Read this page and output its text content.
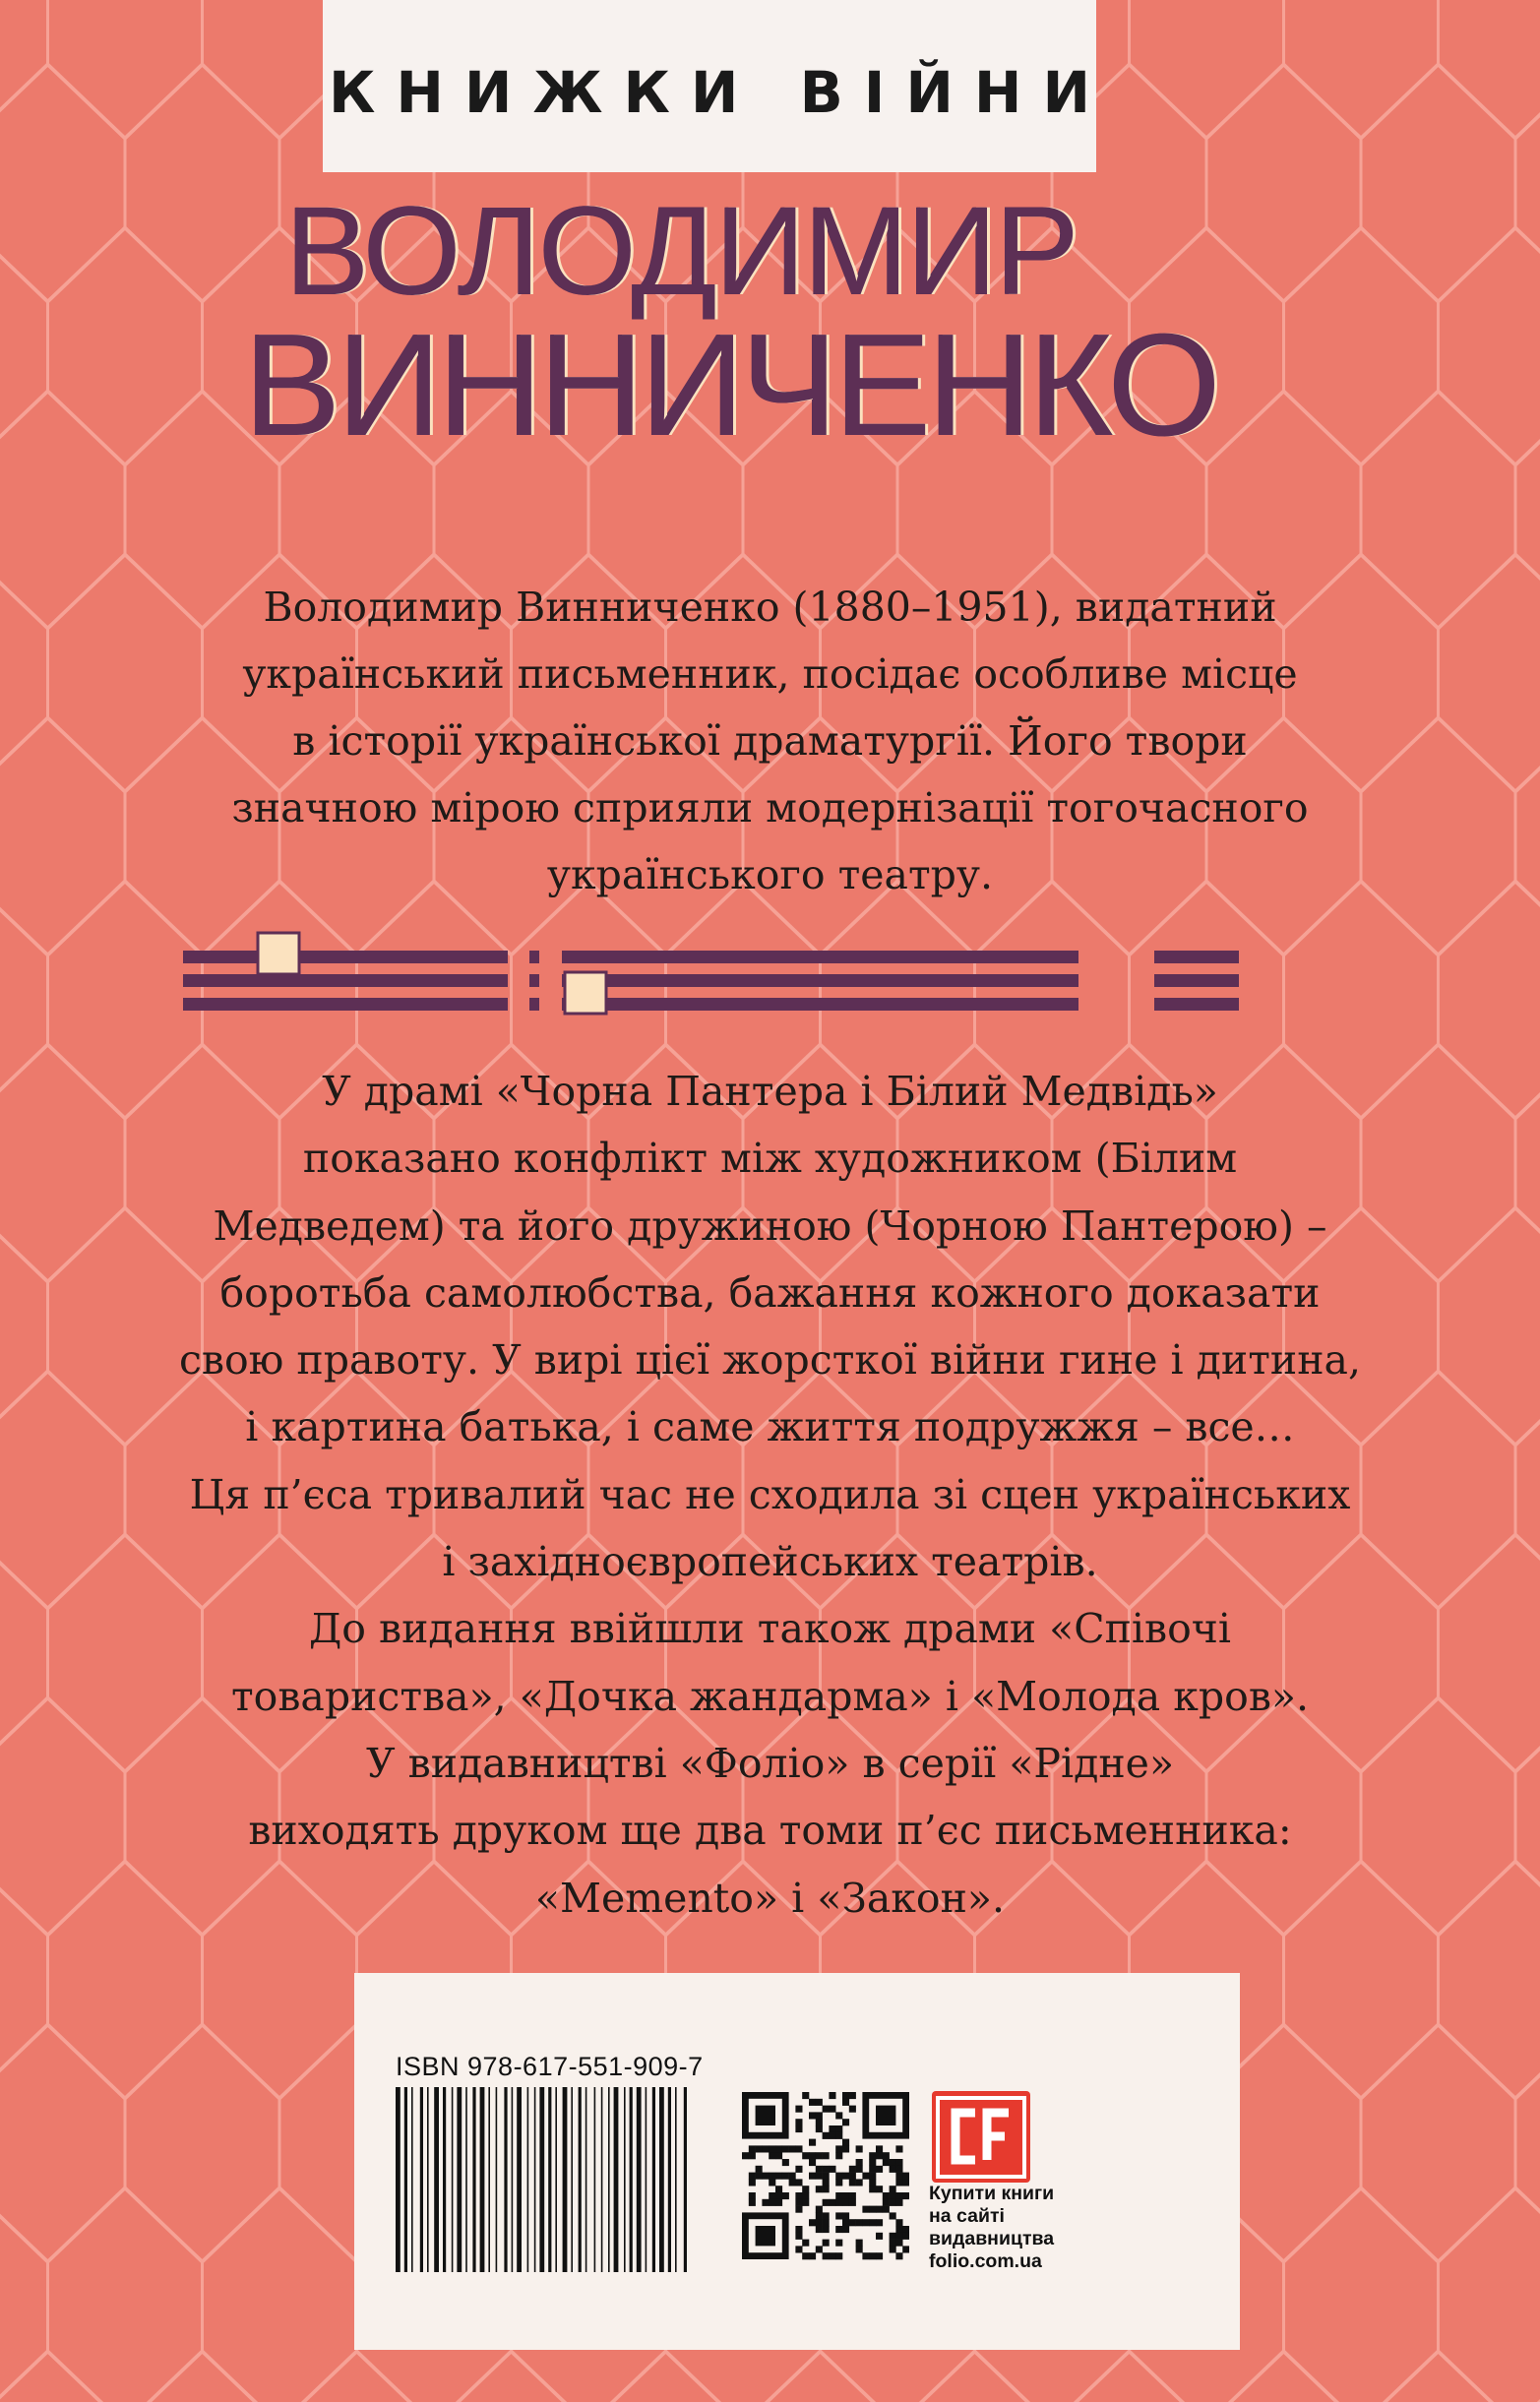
КНИЖКИ ВІЙНИ
ВОЛОДИМИР
ВИННИЧЕНКО

Володимир Винниченко (1880–1951), видатний

український письменник, посідає особливе місце

в історії української драматургії. Його твори

значною мірою сприяли модернізації тогочасного

українського театру.

У драмі «Чорна Пантера і Білий Медвідь»

показано конфлікт між художником (Білим

Медведем) та його дружиною (Чорною Пантерою) –

боротьба самолюбства, бажання кожного доказати

свою правоту. У вирі цієї жорсткої війни гине і дитина,

і картина батька, і саме життя подружжя – все…

Ця п’єса тривалий час не сходила зі сцен українських

і західноєвропейських театрів.

До видання ввійшли також драми «Співочі

товариства», «Дочка жандарма» і «Молода кров».

У видавництві «Фоліо» в серії «Рідне»

виходять друком ще два томи п’єс письменника:

«Memento» і «Закон».

ISBN 978-617-551-909-7
Купити книги
на сайті
видавництва
folio.com.ua
